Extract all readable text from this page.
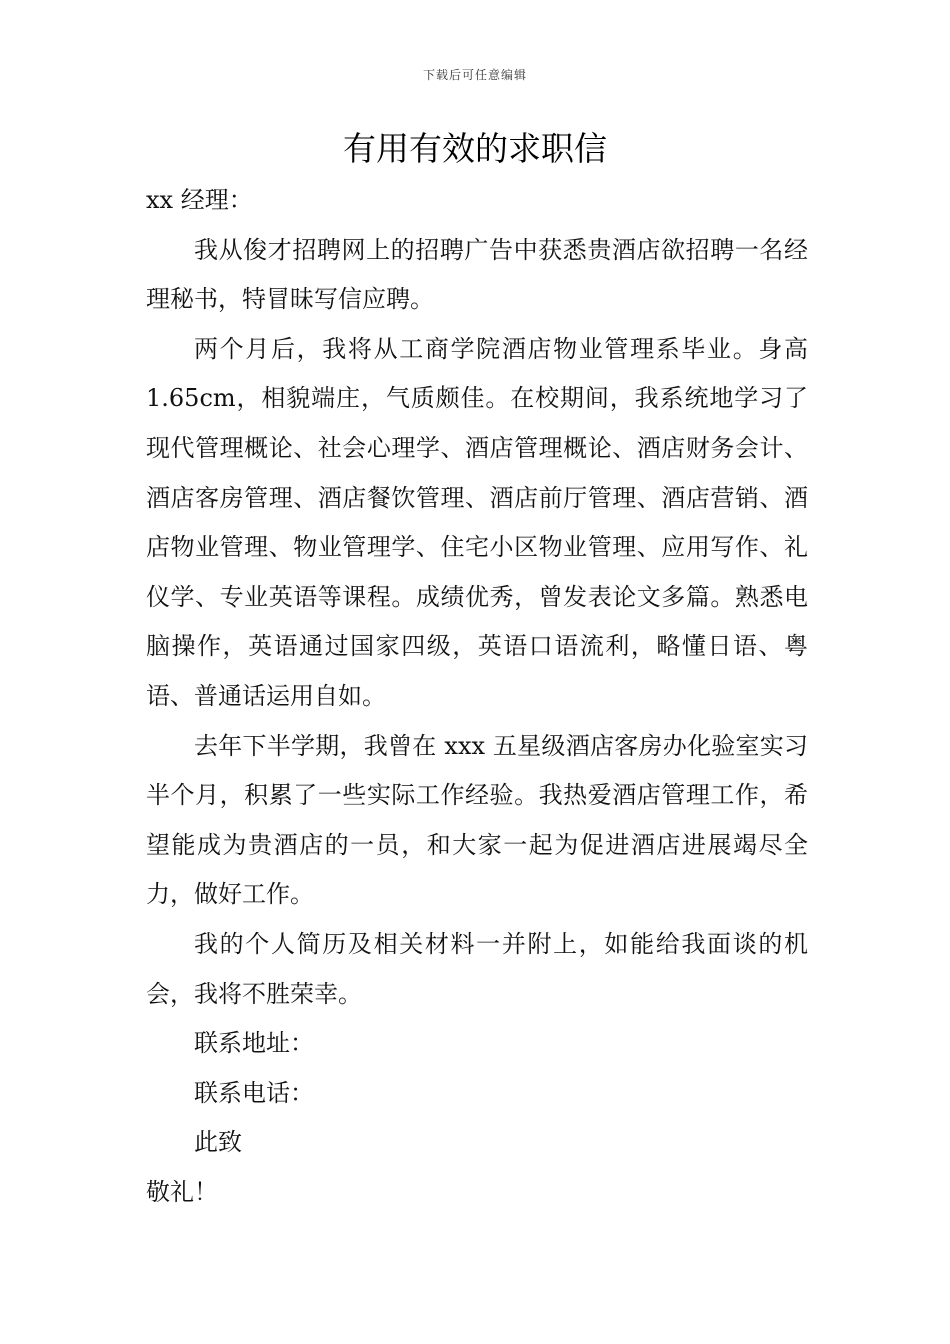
下载后可任意编辑
有用有效的求职信

xx 经理：

我从俊才招聘网上的招聘广告中获悉贵酒店欲招聘一名经理秘书，特冒昧写信应聘。

两个月后，我将从工商学院酒店物业管理系毕业。身高 1.65cm，相貌端庄，气质颇佳。在校期间，我系统地学习了现代管理概论、社会心理学、酒店管理概论、酒店财务会计、酒店客房管理、酒店餐饮管理、酒店前厅管理、酒店营销、酒店物业管理、物业管理学、住宅小区物业管理、应用写作、礼仪学、专业英语等课程。成绩优秀，曾发表论文多篇。熟悉电脑操作，英语通过国家四级，英语口语流利，略懂日语、粤语、普通话运用自如。

去年下半学期，我曾在 xxx 五星级酒店客房办化验室实习半个月，积累了一些实际工作经验。我热爱酒店管理工作，希望能成为贵酒店的一员，和大家一起为促进酒店进展竭尽全力，做好工作。

我的个人简历及相关材料一并附上，如能给我面谈的机会，我将不胜荣幸。

联系地址：

联系电话：

此致

敬礼！
